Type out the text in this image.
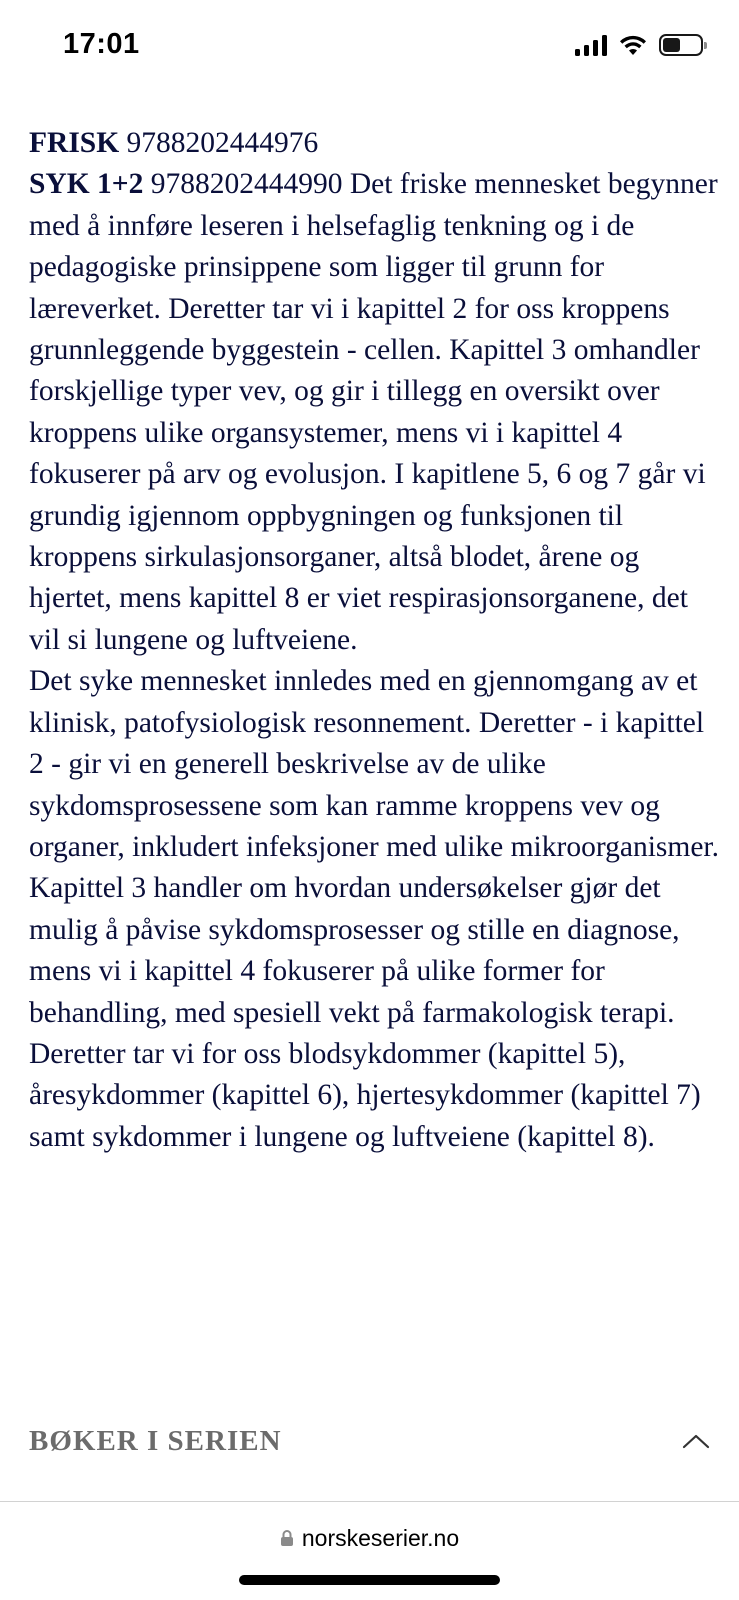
17:01

FRISK 9788202444976

SYK 1+2 9788202444990 Det friske mennesket begynner med å innføre leseren i helsefaglig tenkning og i de pedagogiske prinsippene som ligger til grunn for læreverket. Deretter tar vi i kapittel 2 for oss kroppens grunnleggende byggestein - cellen. Kapittel 3 omhandler forskjellige typer vev, og gir i tillegg en oversikt over kroppens ulike organsystemer, mens vi i kapittel 4 fokuserer på arv og evolusjon. I kapitlene 5, 6 og 7 går vi grundig igjennom oppbygningen og funksjonen til kroppens sirkulasjonsorganer, altså blodet, årene og hjertet, mens kapittel 8 er viet respirasjonsorganene, det vil si lungene og luftveiene.

Det syke mennesket innledes med en gjennomgang av et klinisk, patofysiologisk resonnement. Deretter - i kapittel 2 - gir vi en generell beskrivelse av de ulike sykdomsprosessene som kan ramme kroppens vev og organer, inkludert infeksjoner med ulike mikroorganismer. Kapittel 3 handler om hvordan undersøkelser gjør det mulig å påvise sykdomsprosesser og stille en diagnose, mens vi i kapittel 4 fokuserer på ulike former for behandling, med spesiell vekt på farmakologisk terapi. Deretter tar vi for oss blodsykdommer (kapittel 5), åresykdommer (kapittel 6), hjertesykdommer (kapittel 7) samt sykdommer i lungene og luftveiene (kapittel 8).

BØKER I SERIEN
norskeserier.no
